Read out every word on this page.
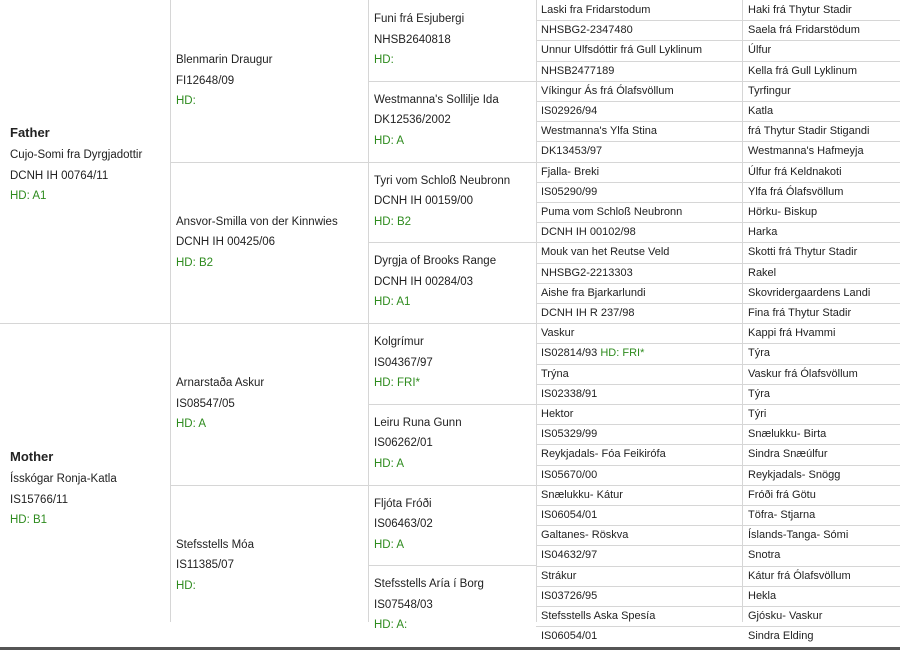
Father
Cujo-Somi fra Dyrgjadottir
DCNH IH 00764/11
HD: A1
Mother
Ísskógar Ronja-Katla
IS15766/11
HD: B1
Blenmarin Draugur
FI12648/09
HD:
Ansvor-Smilla von der Kinnwies
DCNH IH 00425/06
HD: B2
Arnarstaða Askur
IS08547/05
HD: A
Stefsstells Móa
IS11385/07
HD:
Funi frá Esjubergi
NHSB2640818
HD:
Westmanna's Sollilje Ida
DK12536/2002
HD: A
Tyri vom Schloß Neubronn
DCNH IH 00159/00
HD: B2
Dyrgja of Brooks Range
DCNH IH 00284/03
HD: A1
Kolgrímur
IS04367/97
HD: FRI*
Leiru Runa Gunn
IS06262/01
HD: A
Fljóta Fróði
IS06463/02
HD: A
Stefsstells Aría í Borg
IS07548/03
HD: A:
Laski fra Fridarstodum
NHSBG2-2347480
Unnur Ulfsdóttir frá Gull Lyklinum
NHSB2477189
Víkingur Ás frá Ólafsvöllum
IS02926/94
Westmanna's Ylfa Stina
DK13453/97
Fjalla- Breki
IS05290/99
Puma vom Schloß Neubronn
DCNH IH 00102/98
Mouk van het Reutse Veld
NHSBG2-2213303
Aishe fra Bjarkarlundi
DCNH IH R 237/98
Vaskur
IS02814/93 HD: FRI*
Trýna
IS02338/91
Hektor
IS05329/99
Reykjadals- Fóa Feikirófa
IS05670/00
Snælukku- Kátur
IS06054/01
Galtanes- Röskva
IS04632/97
Strákur
IS03726/95
Stefsstells Aska Spesía
IS06054/01
Haki frá Thytur Stadir
Saela frá Fridarstödum
Úlfur
Kella frá Gull Lyklinum
Tyrfingur
Katla
frá Thytur Stadir Stigandi
Westmanna's Hafmeyja
Úlfur frá Keldnakoti
Ylfa frá Ólafsvöllum
Hörku- Biskup
Harka
Skotti frá Thytur Stadir
Rakel
Skovridergaardens Landi
Fina frá Thytur Stadir
Kappi frá Hvammi
Týra
Vaskur frá Ólafsvöllum
Týra
Týri
Snælukku- Birta
Sindra Snæúlfur
Reykjadals- Snögg
Fróði frá Götu
Töfra- Stjarna
Íslands-Tanga- Sómi
Snotra
Kátur frá Ólafsvöllum
Hekla
Gjósku- Vaskur
Sindra Elding
